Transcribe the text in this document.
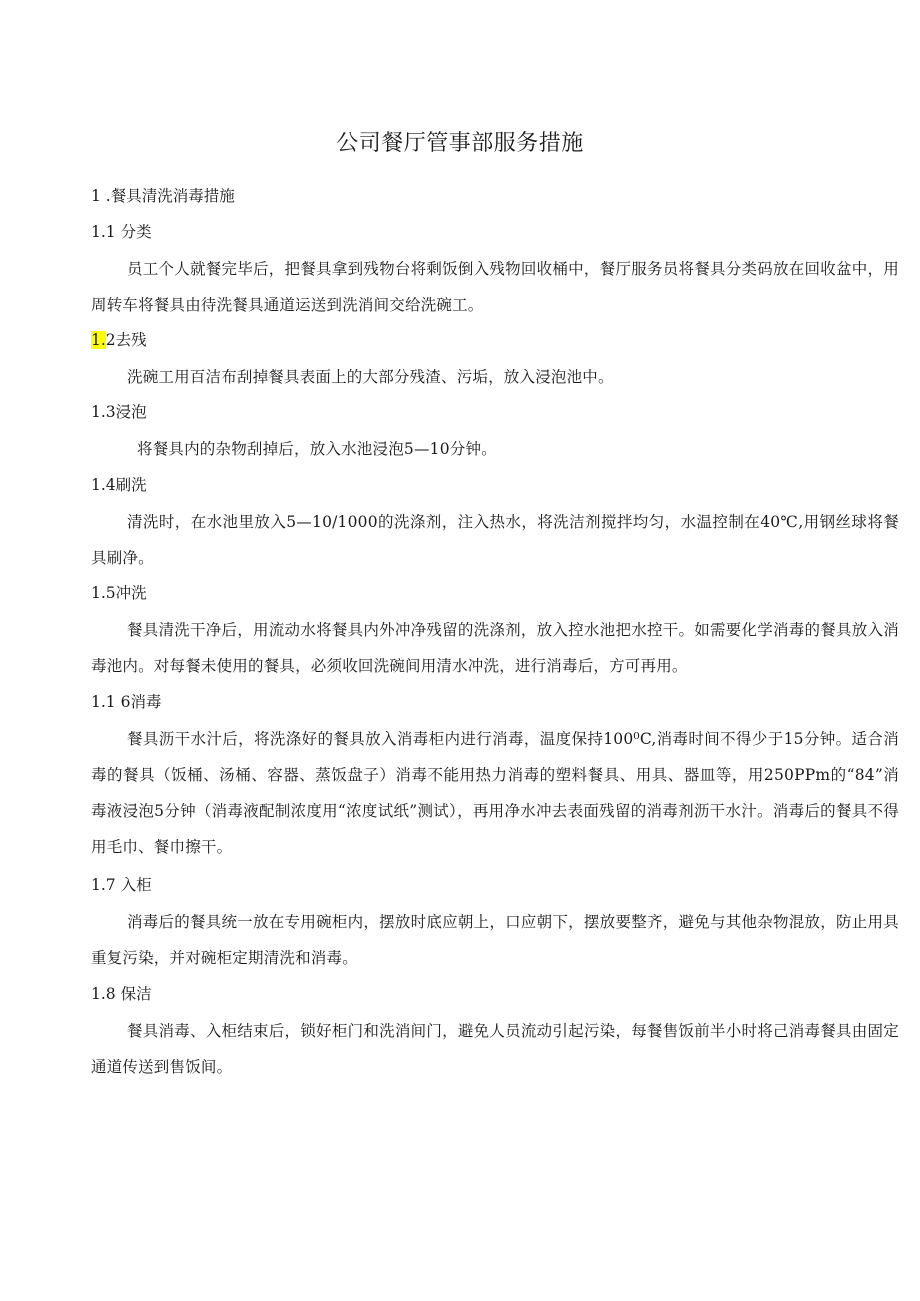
公司餐厅管事部服务措施
1 .餐具清洗消毒措施
1.1 分类
员工个人就餐完毕后，把餐具拿到残物台将剩饭倒入残物回收桶中，餐厅服务员将餐具分类码放在回收盆中，用周转车将餐具由待洗餐具通道运送到洗消间交给洗碗工。
1.2去残
洗碗工用百洁布刮掉餐具表面上的大部分残渣、污垢，放入浸泡池中。
1.3浸泡
将餐具内的杂物刮掉后，放入水池浸泡5—10分钟。
1.4刷洗
清洗时，在水池里放入5—10/1000的洗涤剂，注入热水，将洗洁剂搅拌均匀，水温控制在40℃,用钢丝球将餐具刷净。
1.5冲洗
餐具清洗干净后，用流动水将餐具内外冲净残留的洗涤剂，放入控水池把水控干。如需要化学消毒的餐具放入消毒池内。对每餐未使用的餐具，必须收回洗碗间用清水冲洗，进行消毒后，方可再用。
1.1 6消毒
餐具沥干水汁后，将洗涤好的餐具放入消毒柜内进行消毒，温度保持100⁰C,消毒时间不得少于15分钟。适合消毒的餐具（饭桶、汤桶、容器、蒸饭盘子）消毒不能用热力消毒的塑料餐具、用具、器皿等，用250PPm的“84”消毒液浸泡5分钟（消毒液配制浓度用“浓度试纸”测试），再用净水冲去表面残留的消毒剂沥干水汁。消毒后的餐具不得用毛巾、餐巾擦干。
1.7 入柜
消毒后的餐具统一放在专用碗柜内，摆放时底应朝上，口应朝下，摆放要整齐，避免与其他杂物混放，防止用具重复污染，并对碗柜定期清洗和消毒。
1.8 保洁
餐具消毒、入柜结束后，锁好柜门和洗消间门，避免人员流动引起污染，每餐售饭前半小时将己消毒餐具由固定通道传送到售饭间。
